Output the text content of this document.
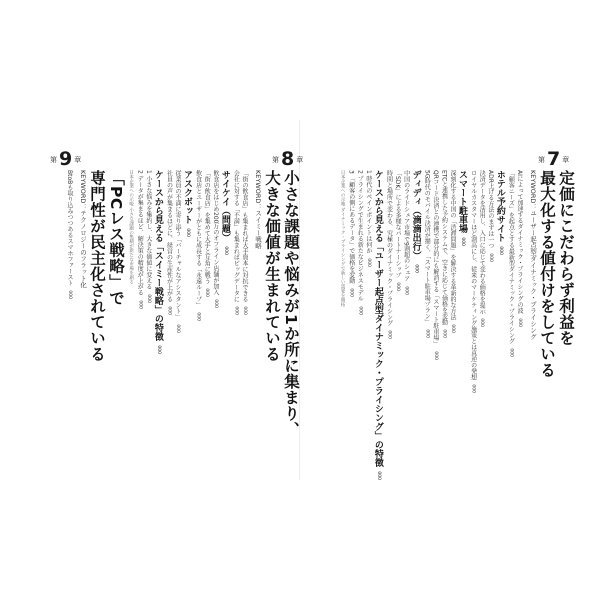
第 7 章

定価にこだわらず利益を

最大化する値付けをしている

KEYWORD：ユーザー起点型ダイナミック・プライシング

AIによって加速するダイナミック・プライシングの波 000
「顧客ニーズ」を起点とする最新型ダイナミック・プライシング 000
ホテル予約サイト 000
ADR上げる方法のまずは一つ 000
決済データを活用し、入口に応じて変わる価格を提示 000
ロイヤルカスタマーほど割高にし、従来のマーケティング施策とは真逆の発想 000
スマート駐車場 000
深刻化する中国の「渋滞問題」を解決する革新的な方法 000
ETCと連携した予約システムで、空きに応じて価格を変動 000
QRコード決済との連携で部分的にも解消する「スマート駐車場」 000
5G時代のモバイル決済が描く、「スマート駐車場プラン」 000
ディディ（滴滴出行） 000
中国のライドシェア市場で9割超のシェア 000
「SDK」による多様なパートナーシップ 000
時間と場所で変わる、究極のダイナミック・プライシング 000
ケースから見える「ユーザー起点型ダイナミック・プライシング」の特徴 000
1 時代のペインポイントは何か 000
2 プライシングで生まれる新たなビジネスモデル 000
3 「顧客の側にあるデータ」で価格を変動 000
日本企業への示唆 ダイナミック・プライシングで新しい需要を開拓
第 8 章

小さな課題や悩みが1か所に集まり、

大きな価値が生まれている

KEYWORD：スイミー戦略

「街の飲食店」も集まれば大手資本に対抗できる 000
会社に対する「不満」も集まればビッグデータに 000
サイケイ（問題） 000
飲食店をはじめ200万のオフライン店舗が加入 000
「街の飲食店」を集めて大手と互角に戦う 000
飲食店とユーザーがともに成長する「永遠ループ」 000
アスクボット 000
従業員の不満に寄り添う「バーチャルなアシスタント」 000
社員の声が集まるほどに、経営の生産性が上がる 000
ケースから見える「スイミー戦略」の特徴 000
1 小さな悩みを集約し、大きな価値に変える 000
2 データが集まるほど、解決策の精度が上がる 000
日本企業への示唆 小さな課題の集積が新たな市場を創る
第 9 章

「PCレス戦略」で

専門性が民主化されている

KEYWORD：テクノロジーのフラット化

BtoBも取り込みつつあるスマホファースト 000
